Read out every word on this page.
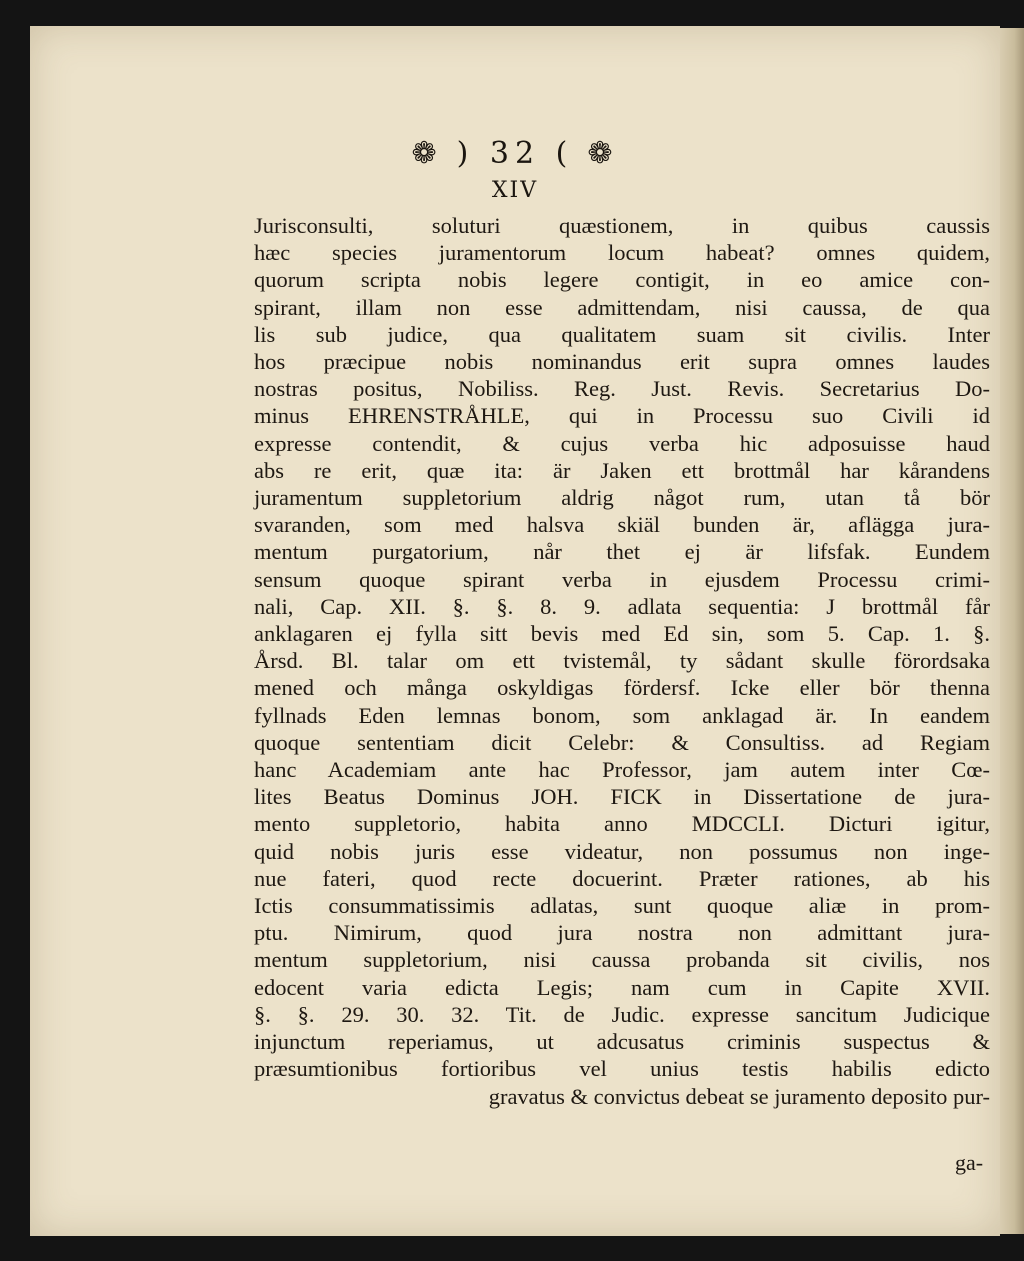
❁ ) 32 ( ❁
XIV
Jurisconsulti, soluturi quæstionem, in quibus caussis
hæc species juramentorum locum habeat? omnes quidem,
quorum scripta nobis legere contigit, in eo amice con-
spirant, illam non esse admittendam, nisi caussa, de qua
lis sub judice, qua qualitatem suam sit civilis. Inter
hos præcipue nobis nominandus erit supra omnes laudes
nostras positus, Nobiliss. Reg. Just. Revis. Secretarius Do-
minus EHRENSTRÅHLE, qui in Processu suo Civili id
expresse contendit, & cujus verba hic adposuisse haud
abs re erit, quæ ita: är Jaken ett brottmål har kårandens
juramentum suppletorium aldrig något rum, utan tå bör
svaranden, som med halsva skiäl bunden är, aflägga jura-
mentum purgatorium, når thet ej är lifsfak. Eundem
sensum quoque spirant verba in ejusdem Processu crimi-
nali, Cap. XII. §. §. 8. 9. adlata sequentia: J brottmål får
anklagaren ej fylla sitt bevis med Ed sin, som 5. Cap. 1. §.
Årsd. Bl. talar om ett tvistemål, ty sådant skulle förordsaka
mened och många oskyldigas fördersf. Icke eller bör thenna
fyllnads Eden lemnas bonom, som anklagad är. In eandem
quoque sententiam dicit Celebr: & Consultiss. ad Regiam
hanc Academiam ante hac Professor, jam autem inter Cœ-
lites Beatus Dominus JOH. FICK in Dissertatione de jura-
mento suppletorio, habita anno MDCCLI. Dicturi igitur,
quid nobis juris esse videatur, non possumus non inge-
nue fateri, quod recte docuerint. Præter rationes, ab his
Ictis consummatissimis adlatas, sunt quoque aliæ in prom-
ptu. Nimirum, quod jura nostra non admittant jura-
mentum suppletorium, nisi caussa probanda sit civilis, nos
edocent varia edicta Legis; nam cum in Capite XVII.
§. §. 29. 30. 32. Tit. de Judic. expresse sancitum Judicique
injunctum reperiamus, ut adcusatus criminis suspectus &
præsumtionibus fortioribus vel unius testis habilis edicto
gravatus & convictus debeat se juramento deposito pur-
ga-
